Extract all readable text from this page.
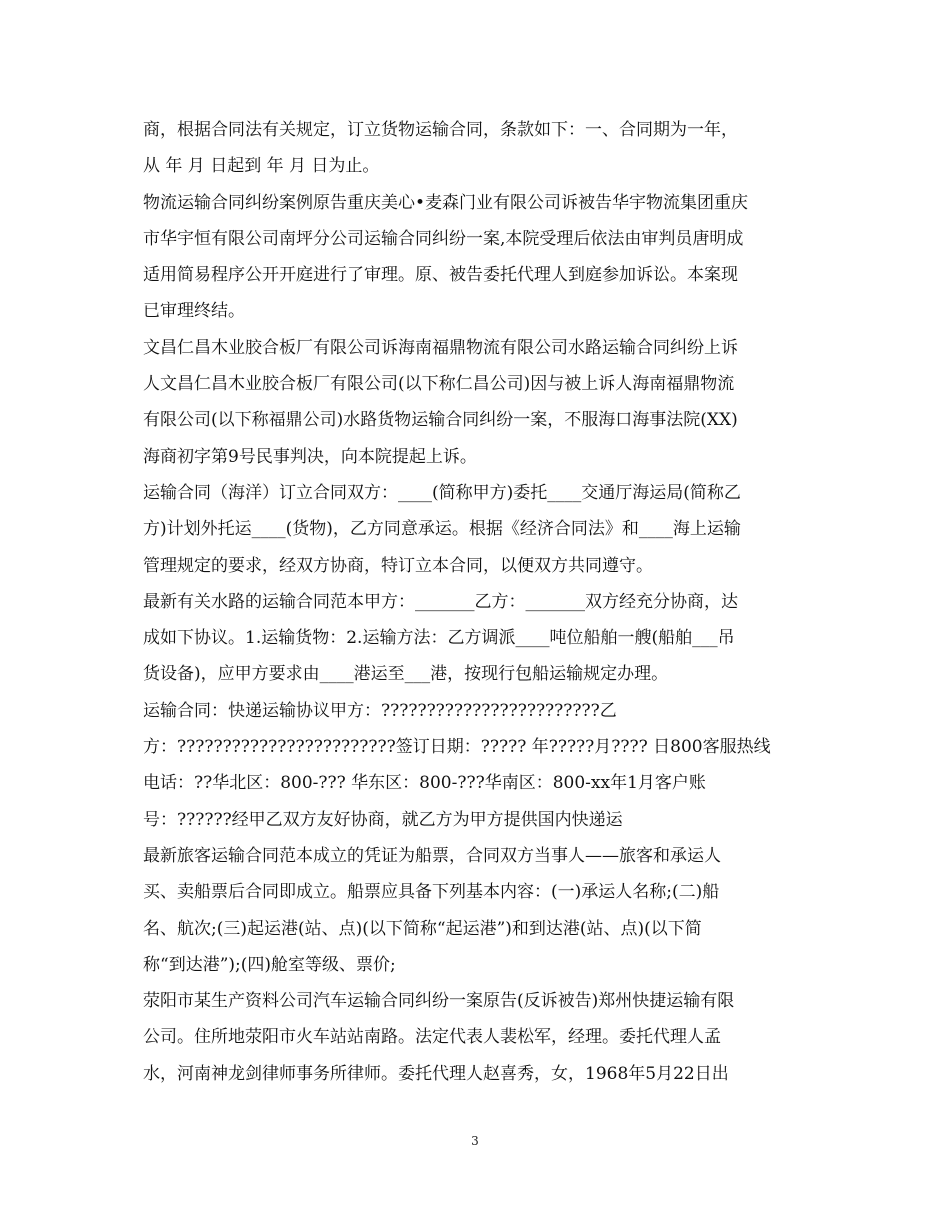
商，根据合同法有关规定，订立货物运输合同，条款如下：一、合同期为一年，
从 年 月 日起到 年 月 日为止。
物流运输合同纠纷案例原告重庆美心•麦森门业有限公司诉被告华宇物流集团重庆
市华宇恒有限公司南坪分公司运输合同纠纷一案,本院受理后依法由审判员唐明成
适用简易程序公开开庭进行了审理。原、被告委托代理人到庭参加诉讼。本案现
已审理终结。
文昌仁昌木业胶合板厂有限公司诉海南福鼎物流有限公司水路运输合同纠纷上诉
人文昌仁昌木业胶合板厂有限公司(以下称仁昌公司)因与被上诉人海南福鼎物流
有限公司(以下称福鼎公司)水路货物运输合同纠纷一案，不服海口海事法院(XX)
海商初字第9号民事判决，向本院提起上诉。
运输合同（海洋）订立合同双方：____(简称甲方)委托____交通厅海运局(简称乙
方)计划外托运____(货物)，乙方同意承运。根据《经济合同法》和____海上运输
管理规定的要求，经双方协商，特订立本合同，以便双方共同遵守。
最新有关水路的运输合同范本甲方：_______乙方：_______双方经充分协商，达
成如下协议。1.运输货物：2.运输方法：乙方调派____吨位船舶一艘(船舶___吊
货设备)，应甲方要求由____港运至___港，按现行包船运输规定办理。
运输合同：快递运输协议甲方：????????????????????????乙
方：????????????????????????签订日期：????? 年?????月???? 日800客服热线
电话：??华北区：800-??? 华东区：800-???华南区：800-xx年1月客户账
号：??????经甲乙双方友好协商，就乙方为甲方提供国内快递运
最新旅客运输合同范本成立的凭证为船票，合同双方当事人——旅客和承运人
买、卖船票后合同即成立。船票应具备下列基本内容：(一)承运人名称;(二)船
名、航次;(三)起运港(站、点)(以下简称“起运港”)和到达港(站、点)(以下简
称“到达港”);(四)舱室等级、票价;
荥阳市某生产资料公司汽车运输合同纠纷一案原告(反诉被告)郑州快捷运输有限
公司。住所地荥阳市火车站站南路。法定代表人裴松军，经理。委托代理人孟
水，河南神龙剑律师事务所律师。委托代理人赵喜秀，女，1968年5月22日出
3
